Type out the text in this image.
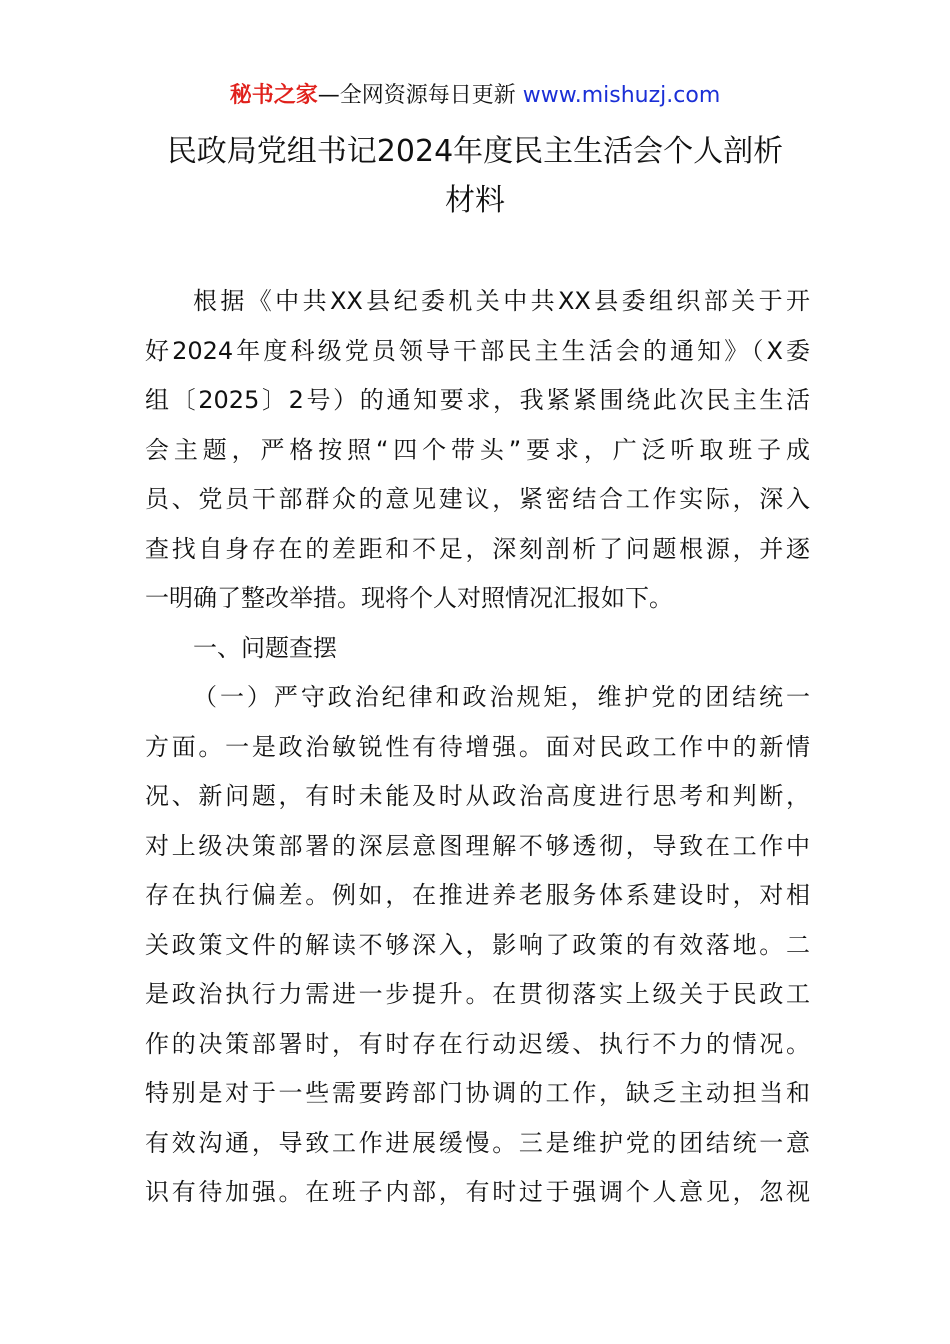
秘书之家—全网资源每日更新 www.mishuzj.com
民政局党组书记2024年度民主生活会个人剖析
材料
根据《中共XX县纪委机关中共XX县委组织部关于开
好2024年度科级党员领导干部民主生活会的通知》（X委
组〔2025〕2号）的通知要求，我紧紧围绕此次民主生活
会主题，严格按照“四个带头”要求，广泛听取班子成
员、党员干部群众的意见建议，紧密结合工作实际，深入
查找自身存在的差距和不足，深刻剖析了问题根源，并逐
一明确了整改举措。现将个人对照情况汇报如下。
一、问题查摆
（一）严守政治纪律和政治规矩，维护党的团结统一
方面。一是政治敏锐性有待增强。面对民政工作中的新情
况、新问题，有时未能及时从政治高度进行思考和判断，
对上级决策部署的深层意图理解不够透彻，导致在工作中
存在执行偏差。例如，在推进养老服务体系建设时，对相
关政策文件的解读不够深入，影响了政策的有效落地。二
是政治执行力需进一步提升。在贯彻落实上级关于民政工
作的决策部署时，有时存在行动迟缓、执行不力的情况。
特别是对于一些需要跨部门协调的工作，缺乏主动担当和
有效沟通，导致工作进展缓慢。三是维护党的团结统一意
识有待加强。在班子内部，有时过于强调个人意见，忽视
